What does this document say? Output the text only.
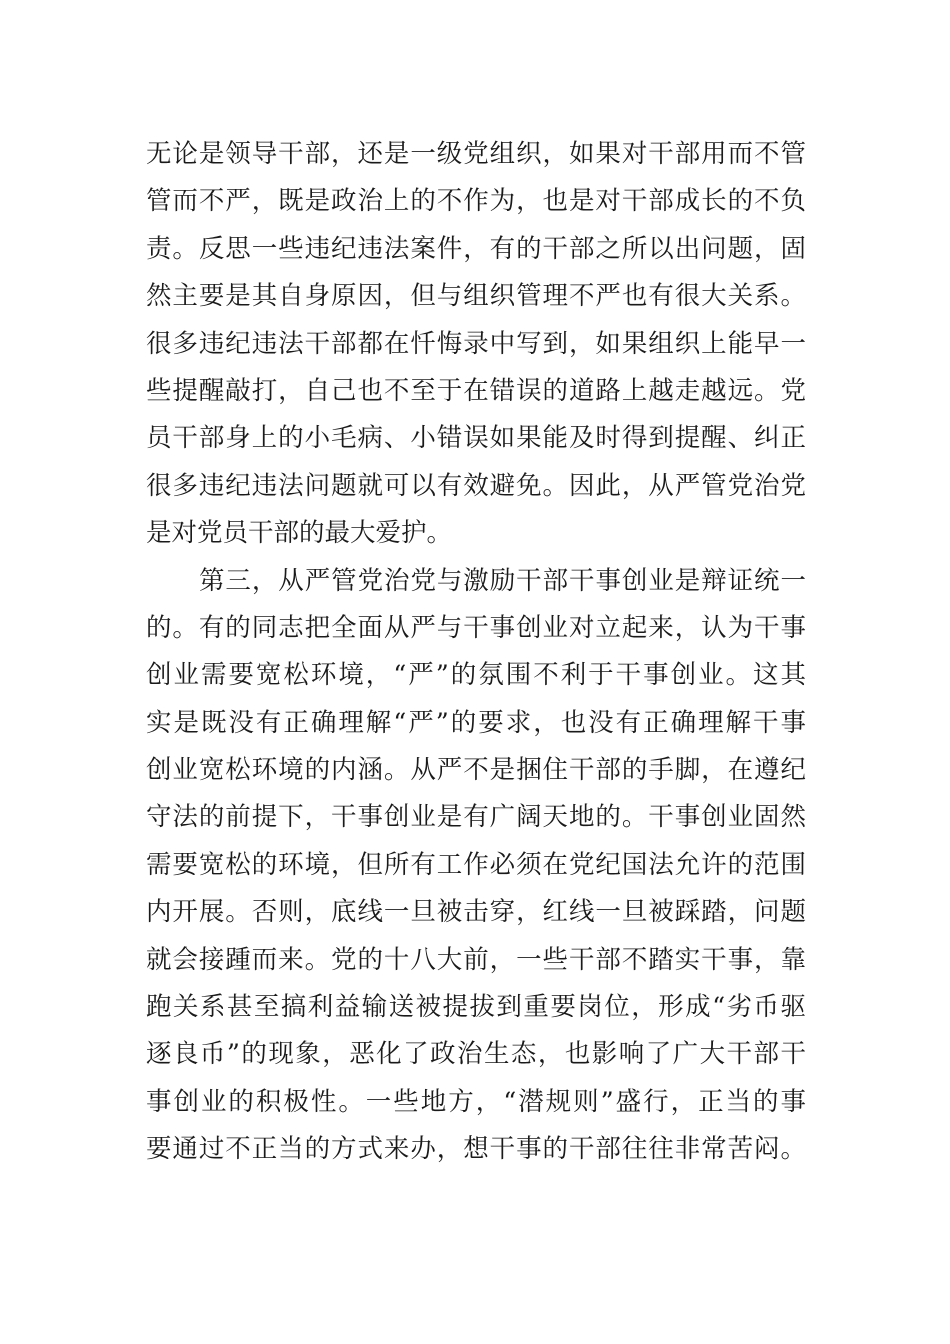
无论是领导干部，还是一级党组织，如果对干部用而不管
管而不严，既是政治上的不作为，也是对干部成长的不负
责。反思一些违纪违法案件，有的干部之所以出问题，固
然主要是其自身原因，但与组织管理不严也有很大关系。
很多违纪违法干部都在忏悔录中写到，如果组织上能早一
些提醒敲打，自己也不至于在错误的道路上越走越远。党
员干部身上的小毛病、小错误如果能及时得到提醒、纠正
很多违纪违法问题就可以有效避免。因此，从严管党治党
是对党员干部的最大爱护。
第三，从严管党治党与激励干部干事创业是辩证统一
的。有的同志把全面从严与干事创业对立起来，认为干事
创业需要宽松环境，“严”的氛围不利于干事创业。这其
实是既没有正确理解“严”的要求，也没有正确理解干事
创业宽松环境的内涵。从严不是捆住干部的手脚，在遵纪
守法的前提下，干事创业是有广阔天地的。干事创业固然
需要宽松的环境，但所有工作必须在党纪国法允许的范围
内开展。否则，底线一旦被击穿，红线一旦被踩踏，问题
就会接踵而来。党的十八大前，一些干部不踏实干事，靠
跑关系甚至搞利益输送被提拔到重要岗位，形成“劣币驱
逐良币”的现象，恶化了政治生态，也影响了广大干部干
事创业的积极性。一些地方，“潜规则”盛行，正当的事
要通过不正当的方式来办，想干事的干部往往非常苦闷。
